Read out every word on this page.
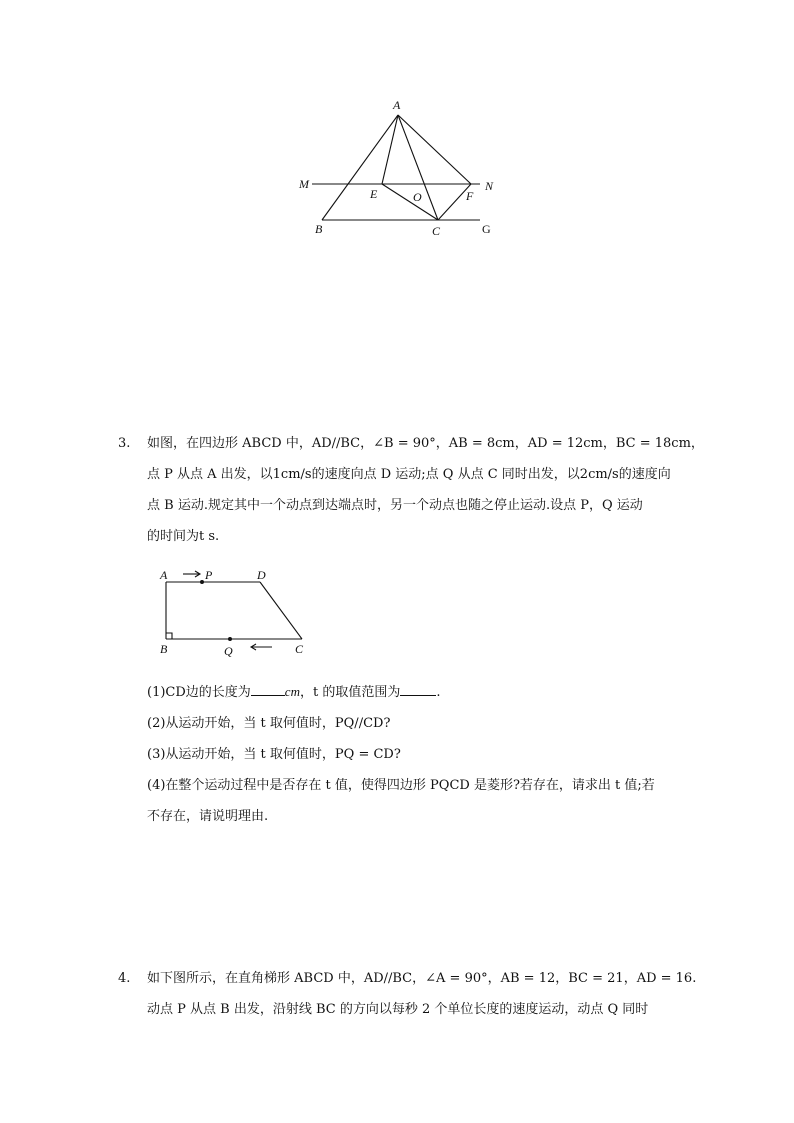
A
M	N
E	O	F
B	C	G
3. 如图，在四边形 ABCD 中，AD//BC，∠B = 90°，AB = 8cm，AD = 12cm，BC = 18cm，
点 P 从点 A 出发，以1cm/s的速度向点 D 运动;点 Q 从点 C 同时出发，以2cm/s的速度向
点 B 运动.规定其中一个动点到达端点时，另一个动点也随之停止运动.设点 P，Q 运动
的时间为t s.
A	P	D
B	Q	C
(1)CD边的长度为	cm，t 的取值范围为	.
(2)从运动开始，当 t 取何值时，PQ//CD?
(3)从运动开始，当 t 取何值时，PQ = CD?
(4)在整个运动过程中是否存在 t 值，使得四边形 PQCD 是菱形?若存在，请求出 t 值;若
不存在，请说明理由.
4. 如下图所示，在直角梯形 ABCD 中，AD//BC，∠A = 90°，AB = 12，BC = 21，AD = 16.
动点 P 从点 B 出发，沿射线 BC 的方向以每秒 2 个单位长度的速度运动，动点 Q 同时
